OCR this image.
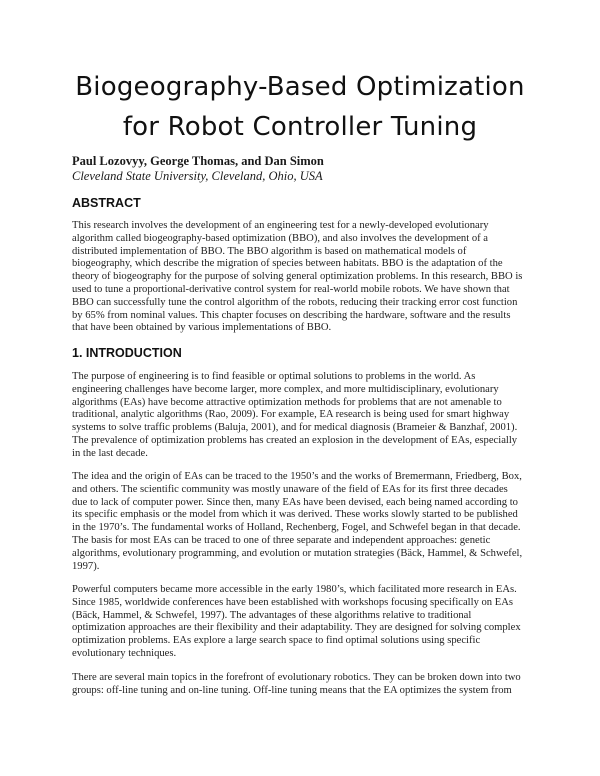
Biogeography-Based Optimization
for Robot Controller Tuning
Paul Lozovyy, George Thomas, and Dan Simon
Cleveland State University, Cleveland, Ohio, USA
ABSTRACT
This research involves the development of an engineering test for a newly-developed evolutionary
algorithm called biogeography-based optimization (BBO), and also involves the development of a
distributed implementation of BBO. The BBO algorithm is based on mathematical models of
biogeography, which describe the migration of species between habitats. BBO is the adaptation of the
theory of biogeography for the purpose of solving general optimization problems. In this research, BBO is
used to tune a proportional-derivative control system for real-world mobile robots. We have shown that
BBO can successfully tune the control algorithm of the robots, reducing their tracking error cost function
by 65% from nominal values. This chapter focuses on describing the hardware, software and the results
that have been obtained by various implementations of BBO.
1. INTRODUCTION
The purpose of engineering is to find feasible or optimal solutions to problems in the world. As
engineering challenges have become larger, more complex, and more multidisciplinary, evolutionary
algorithms (EAs) have become attractive optimization methods for problems that are not amenable to
traditional, analytic algorithms (Rao, 2009). For example, EA research is being used for smart highway
systems to solve traffic problems (Baluja, 2001), and for medical diagnosis (Brameier & Banzhaf, 2001).
The prevalence of optimization problems has created an explosion in the development of EAs, especially
in the last decade.
The idea and the origin of EAs can be traced to the 1950’s and the works of Bremermann, Friedberg, Box,
and others. The scientific community was mostly unaware of the field of EAs for its first three decades
due to lack of computer power. Since then, many EAs have been devised, each being named according to
its specific emphasis or the model from which it was derived. These works slowly started to be published
in the 1970’s. The fundamental works of Holland, Rechenberg, Fogel, and Schwefel began in that decade.
The basis for most EAs can be traced to one of three separate and independent approaches: genetic
algorithms, evolutionary programming, and evolution or mutation strategies (Bäck, Hammel, & Schwefel,
1997).
Powerful computers became more accessible in the early 1980’s, which facilitated more research in EAs.
Since 1985, worldwide conferences have been established with workshops focusing specifically on EAs
(Bäck, Hammel, & Schwefel, 1997). The advantages of these algorithms relative to traditional
optimization approaches are their flexibility and their adaptability. They are designed for solving complex
optimization problems. EAs explore a large search space to find optimal solutions using specific
evolutionary techniques.
There are several main topics in the forefront of evolutionary robotics. They can be broken down into two
groups: off-line tuning and on-line tuning. Off-line tuning means that the EA optimizes the system from
